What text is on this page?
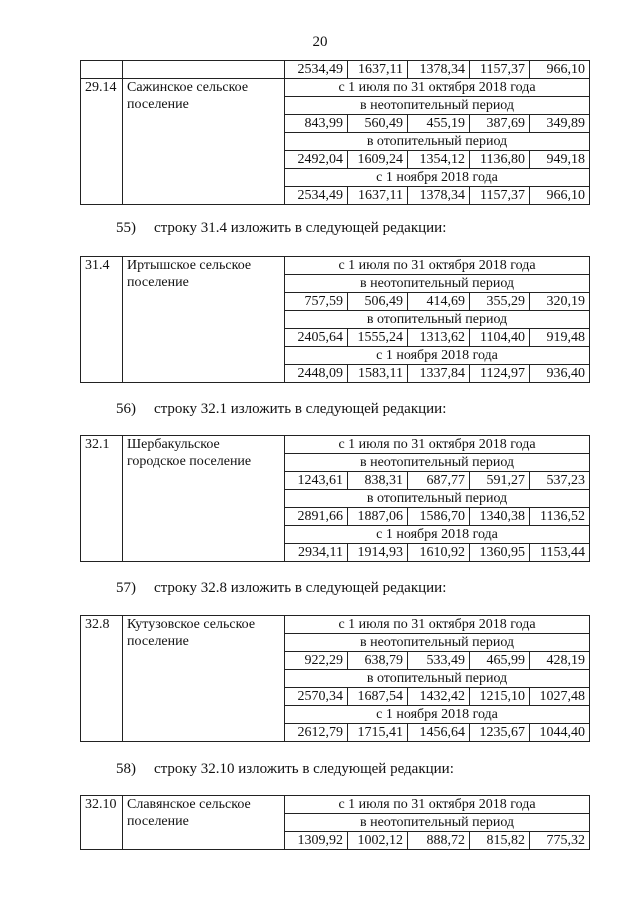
20
		2534,49	1637,11	1378,34	1157,37	966,10
29.14	Сажинское сельское поселение	с 1 июля по 31 октября 2018 года				
		в неотопительный период				
		843,99	560,49	455,19	387,69	349,89
		в отопительный период				
		2492,04	1609,24	1354,12	1136,80	949,18
		с 1 ноября 2018 года				
		2534,49	1637,11	1378,34	1157,37	966,10
55) строку 31.4 изложить в следующей редакции:
31.4	Иртышское сельское поселение	с 1 июля по 31 октября 2018 года				
		в неотопительный период				
		757,59	506,49	414,69	355,29	320,19
		в отопительный период				
		2405,64	1555,24	1313,62	1104,40	919,48
		с 1 ноября 2018 года				
		2448,09	1583,11	1337,84	1124,97	936,40
56) строку 32.1 изложить в следующей редакции:
32.1	Шербакульское городское поселение	с 1 июля по 31 октября 2018 года				
		в неотопительный период				
		1243,61	838,31	687,77	591,27	537,23
		в отопительный период				
		2891,66	1887,06	1586,70	1340,38	1136,52
		с 1 ноября 2018 года				
		2934,11	1914,93	1610,92	1360,95	1153,44
57) строку 32.8 изложить в следующей редакции:
32.8	Кутузовское сельское поселение	с 1 июля по 31 октября 2018 года				
		в неотопительный период				
		922,29	638,79	533,49	465,99	428,19
		в отопительный период				
		2570,34	1687,54	1432,42	1215,10	1027,48
		с 1 ноября 2018 года				
		2612,79	1715,41	1456,64	1235,67	1044,40
58) строку 32.10 изложить в следующей редакции:
32.10	Славянское сельское поселение	с 1 июля по 31 октября 2018 года				
		в неотопительный период				
		1309,92	1002,12	888,72	815,82	775,32
